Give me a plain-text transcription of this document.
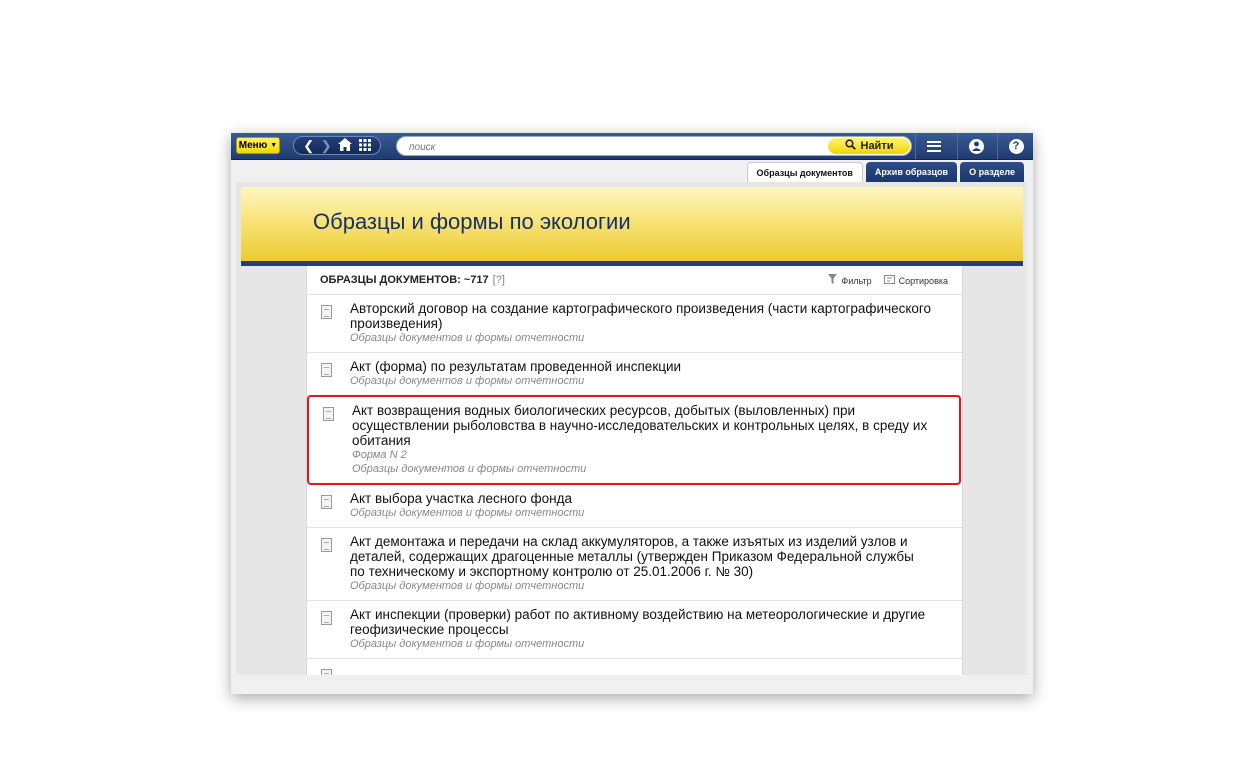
Меню ▼ ❮ ❯
поиск	Найти	?
Образцы документов	Архив образцов	О разделе
Образцы и формы по экологии
ОБРАЗЦЫ ДОКУМЕНТОВ: ~717 [?]	Фильтр	Сортировка
Авторский договор на создание картографического произведения (части картографического произведения)
Образцы документов и формы отчетности
Акт (форма) по результатам проведенной инспекции
Образцы документов и формы отчетности
Акт возвращения водных биологических ресурсов, добытых (выловленных) при осуществлении рыболовства в научно-исследовательских и контрольных целях, в среду их обитания
Форма N 2
Образцы документов и формы отчетности
Акт выбора участка лесного фонда
Образцы документов и формы отчетности
Акт демонтажа и передачи на склад аккумуляторов, а также изъятых из изделий узлов и деталей, содержащих драгоценные металлы (утвержден Приказом Федеральной службы по техническому и экспортному контролю от 25.01.2006 г. № 30)
Образцы документов и формы отчетности
Акт инспекции (проверки) работ по активному воздействию на метеорологические и другие геофизические процессы
Образцы документов и формы отчетности
